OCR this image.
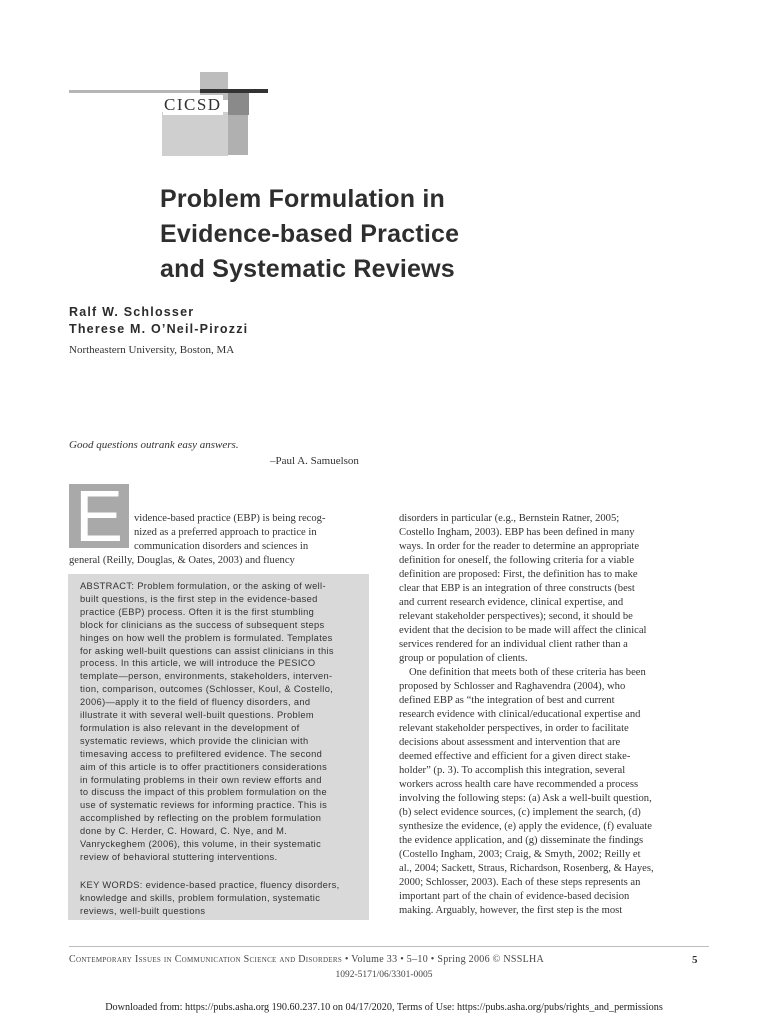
CICSD
Problem Formulation in
Evidence-based Practice
and Systematic Reviews
Ralf W. Schlosser
Therese M. O’Neil-Pirozzi
Northeastern University, Boston, MA
Good questions outrank easy answers.
–Paul A. Samuelson
E	vidence-based practice (EBP) is being recog-
nized as a preferred approach to practice in
communication disorders and sciences in
general (Reilly, Douglas, & Oates, 2003) and fluency
ABSTRACT: Problem formulation, or the asking of well-
built questions, is the first step in the evidence-based
practice (EBP) process. Often it is the first stumbling
block for clinicians as the success of subsequent steps
hinges on how well the problem is formulated. Templates
for asking well-built questions can assist clinicians in this
process. In this article, we will introduce the PESICO
template—person, environments, stakeholders, interven-
tion, comparison, outcomes (Schlosser, Koul, & Costello,
2006)—apply it to the field of fluency disorders, and
illustrate it with several well-built questions. Problem
formulation is also relevant in the development of
systematic reviews, which provide the clinician with
timesaving access to prefiltered evidence. The second
aim of this article is to offer practitioners considerations
in formulating problems in their own review efforts and
to discuss the impact of this problem formulation on the
use of systematic reviews for informing practice. This is
accomplished by reflecting on the problem formulation
done by C. Herder, C. Howard, C. Nye, and M.
Vanryckeghem (2006), this volume, in their systematic
review of behavioral stuttering interventions.
KEY WORDS: evidence-based practice, fluency disorders,
knowledge and skills, problem formulation, systematic
reviews, well-built questions
disorders in particular (e.g., Bernstein Ratner, 2005;
Costello Ingham, 2003). EBP has been defined in many
ways. In order for the reader to determine an appropriate
definition for oneself, the following criteria for a viable
definition are proposed: First, the definition has to make
clear that EBP is an integration of three constructs (best
and current research evidence, clinical expertise, and
relevant stakeholder perspectives); second, it should be
evident that the decision to be made will affect the clinical
services rendered for an individual client rather than a
group or population of clients.
One definition that meets both of these criteria has been
proposed by Schlosser and Raghavendra (2004), who
defined EBP as “the integration of best and current
research evidence with clinical/educational expertise and
relevant stakeholder perspectives, in order to facilitate
decisions about assessment and intervention that are
deemed effective and efficient for a given direct stake-
holder” (p. 3). To accomplish this integration, several
workers across health care have recommended a process
involving the following steps: (a) Ask a well-built question,
(b) select evidence sources, (c) implement the search, (d)
synthesize the evidence, (e) apply the evidence, (f) evaluate
the evidence application, and (g) disseminate the findings
(Costello Ingham, 2003; Craig, & Smyth, 2002; Reilly et
al., 2004; Sackett, Straus, Richardson, Rosenberg, & Hayes,
2000; Schlosser, 2003). Each of these steps represents an
important part of the chain of evidence-based decision
making. Arguably, however, the first step is the most
Contemporary Issues in Communication Science and Disorders • Volume 33 • 5–10 • Spring 2006 © NSSLHA	5
1092-5171/06/3301-0005
Downloaded from: https://pubs.asha.org 190.60.237.10 on 04/17/2020, Terms of Use: https://pubs.asha.org/pubs/rights_and_permissions
